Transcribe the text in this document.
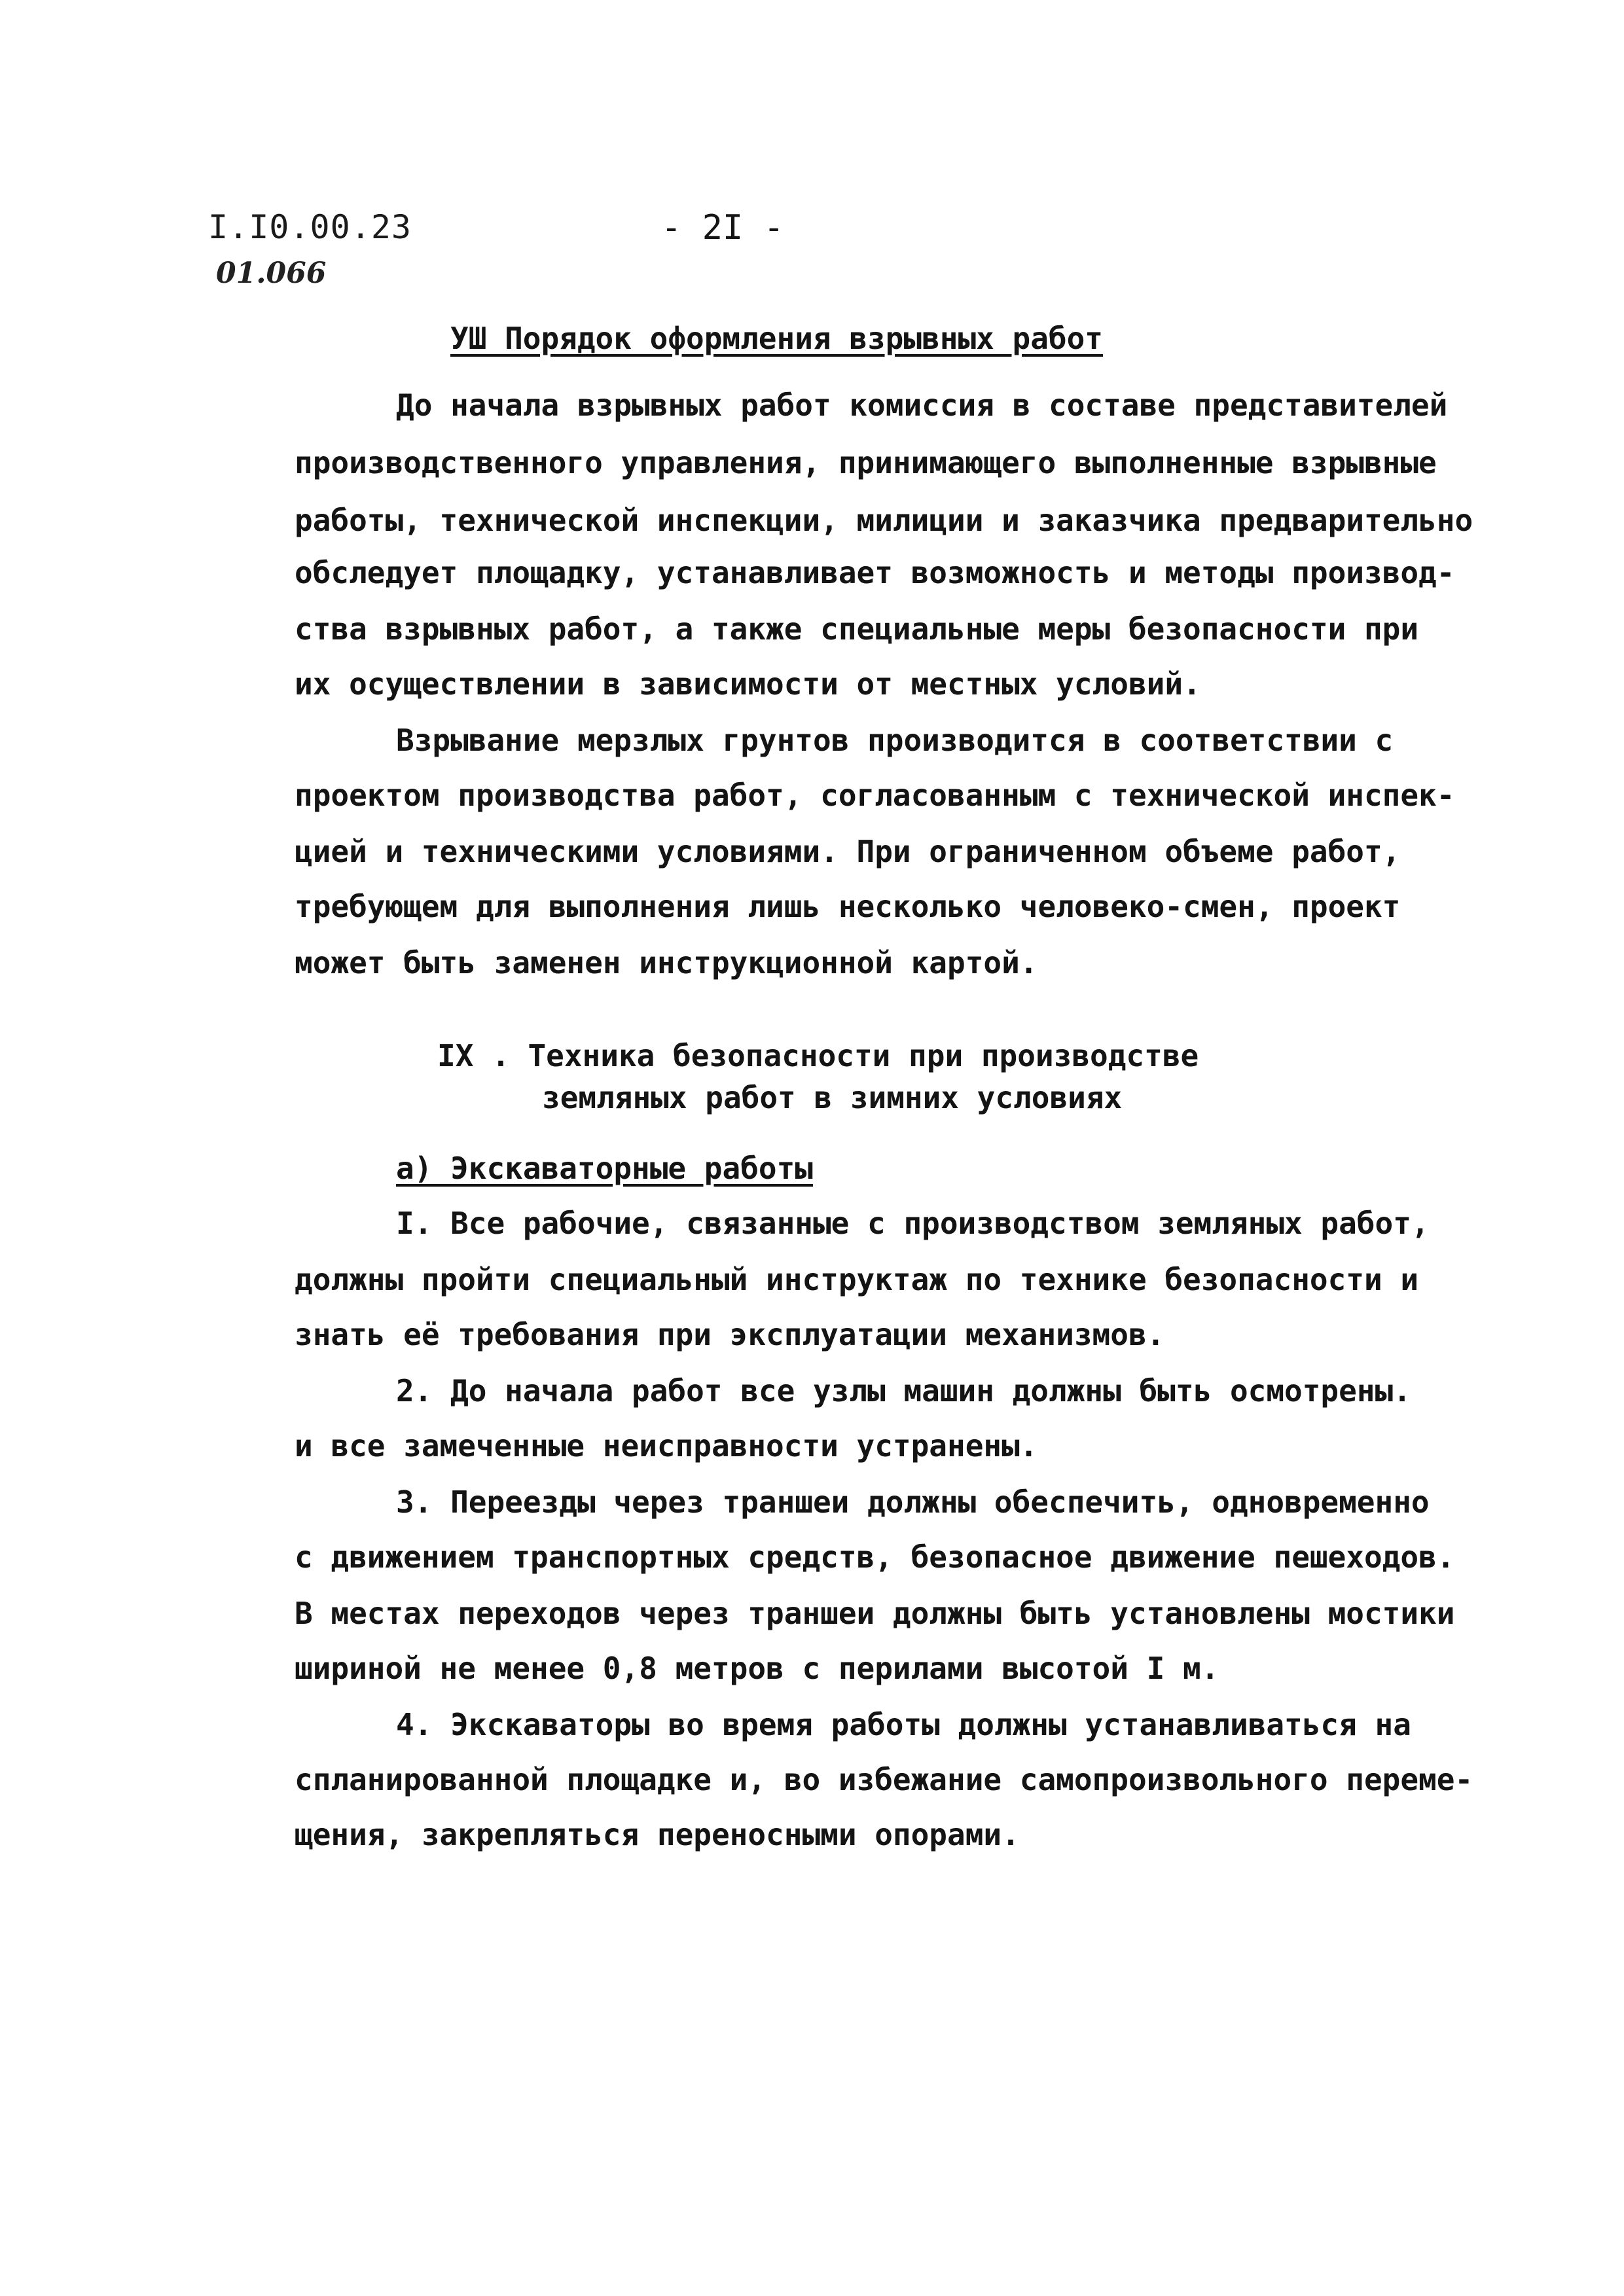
I.I0.00.23
01.066
- 2I -
УШ Порядок оформления взрывных работ
До начала взрывных работ комиссия в составе представителей
производственного управления, принимающего выполненные взрывные
работы, технической инспекции, милиции и заказчика предварительно
обследует площадку, устанавливает возможность и методы производ-
ства взрывных работ, а также специальные меры безопасности при
их осуществлении в зависимости от местных условий.
Взрывание мерзлых грунтов производится в соответствии с
проектом производства работ, согласованным с технической инспек-
цией и техническими условиями. При ограниченном объеме работ,
требующем для выполнения лишь несколько человеко-смен, проект
может быть заменен инструкционной картой.
IX . Техника безопасности при производстве
земляных работ в зимних условиях
а) Экскаваторные работы
I. Все рабочие, связанные с производством земляных работ,
должны пройти специальный инструктаж по технике безопасности и
знать её требования при эксплуатации механизмов.
2. До начала работ все узлы машин должны быть осмотрены.
и все замеченные неисправности устранены.
3. Переезды через траншеи должны обеспечить, одновременно
с движением транспортных средств, безопасное движение пешеходов.
В местах переходов через траншеи должны быть установлены мостики
шириной не менее 0,8 метров с перилами высотой I м.
4. Экскаваторы во время работы должны устанавливаться на
спланированной площадке и, во избежание самопроизвольного переме-
щения, закрепляться переносными опорами.
